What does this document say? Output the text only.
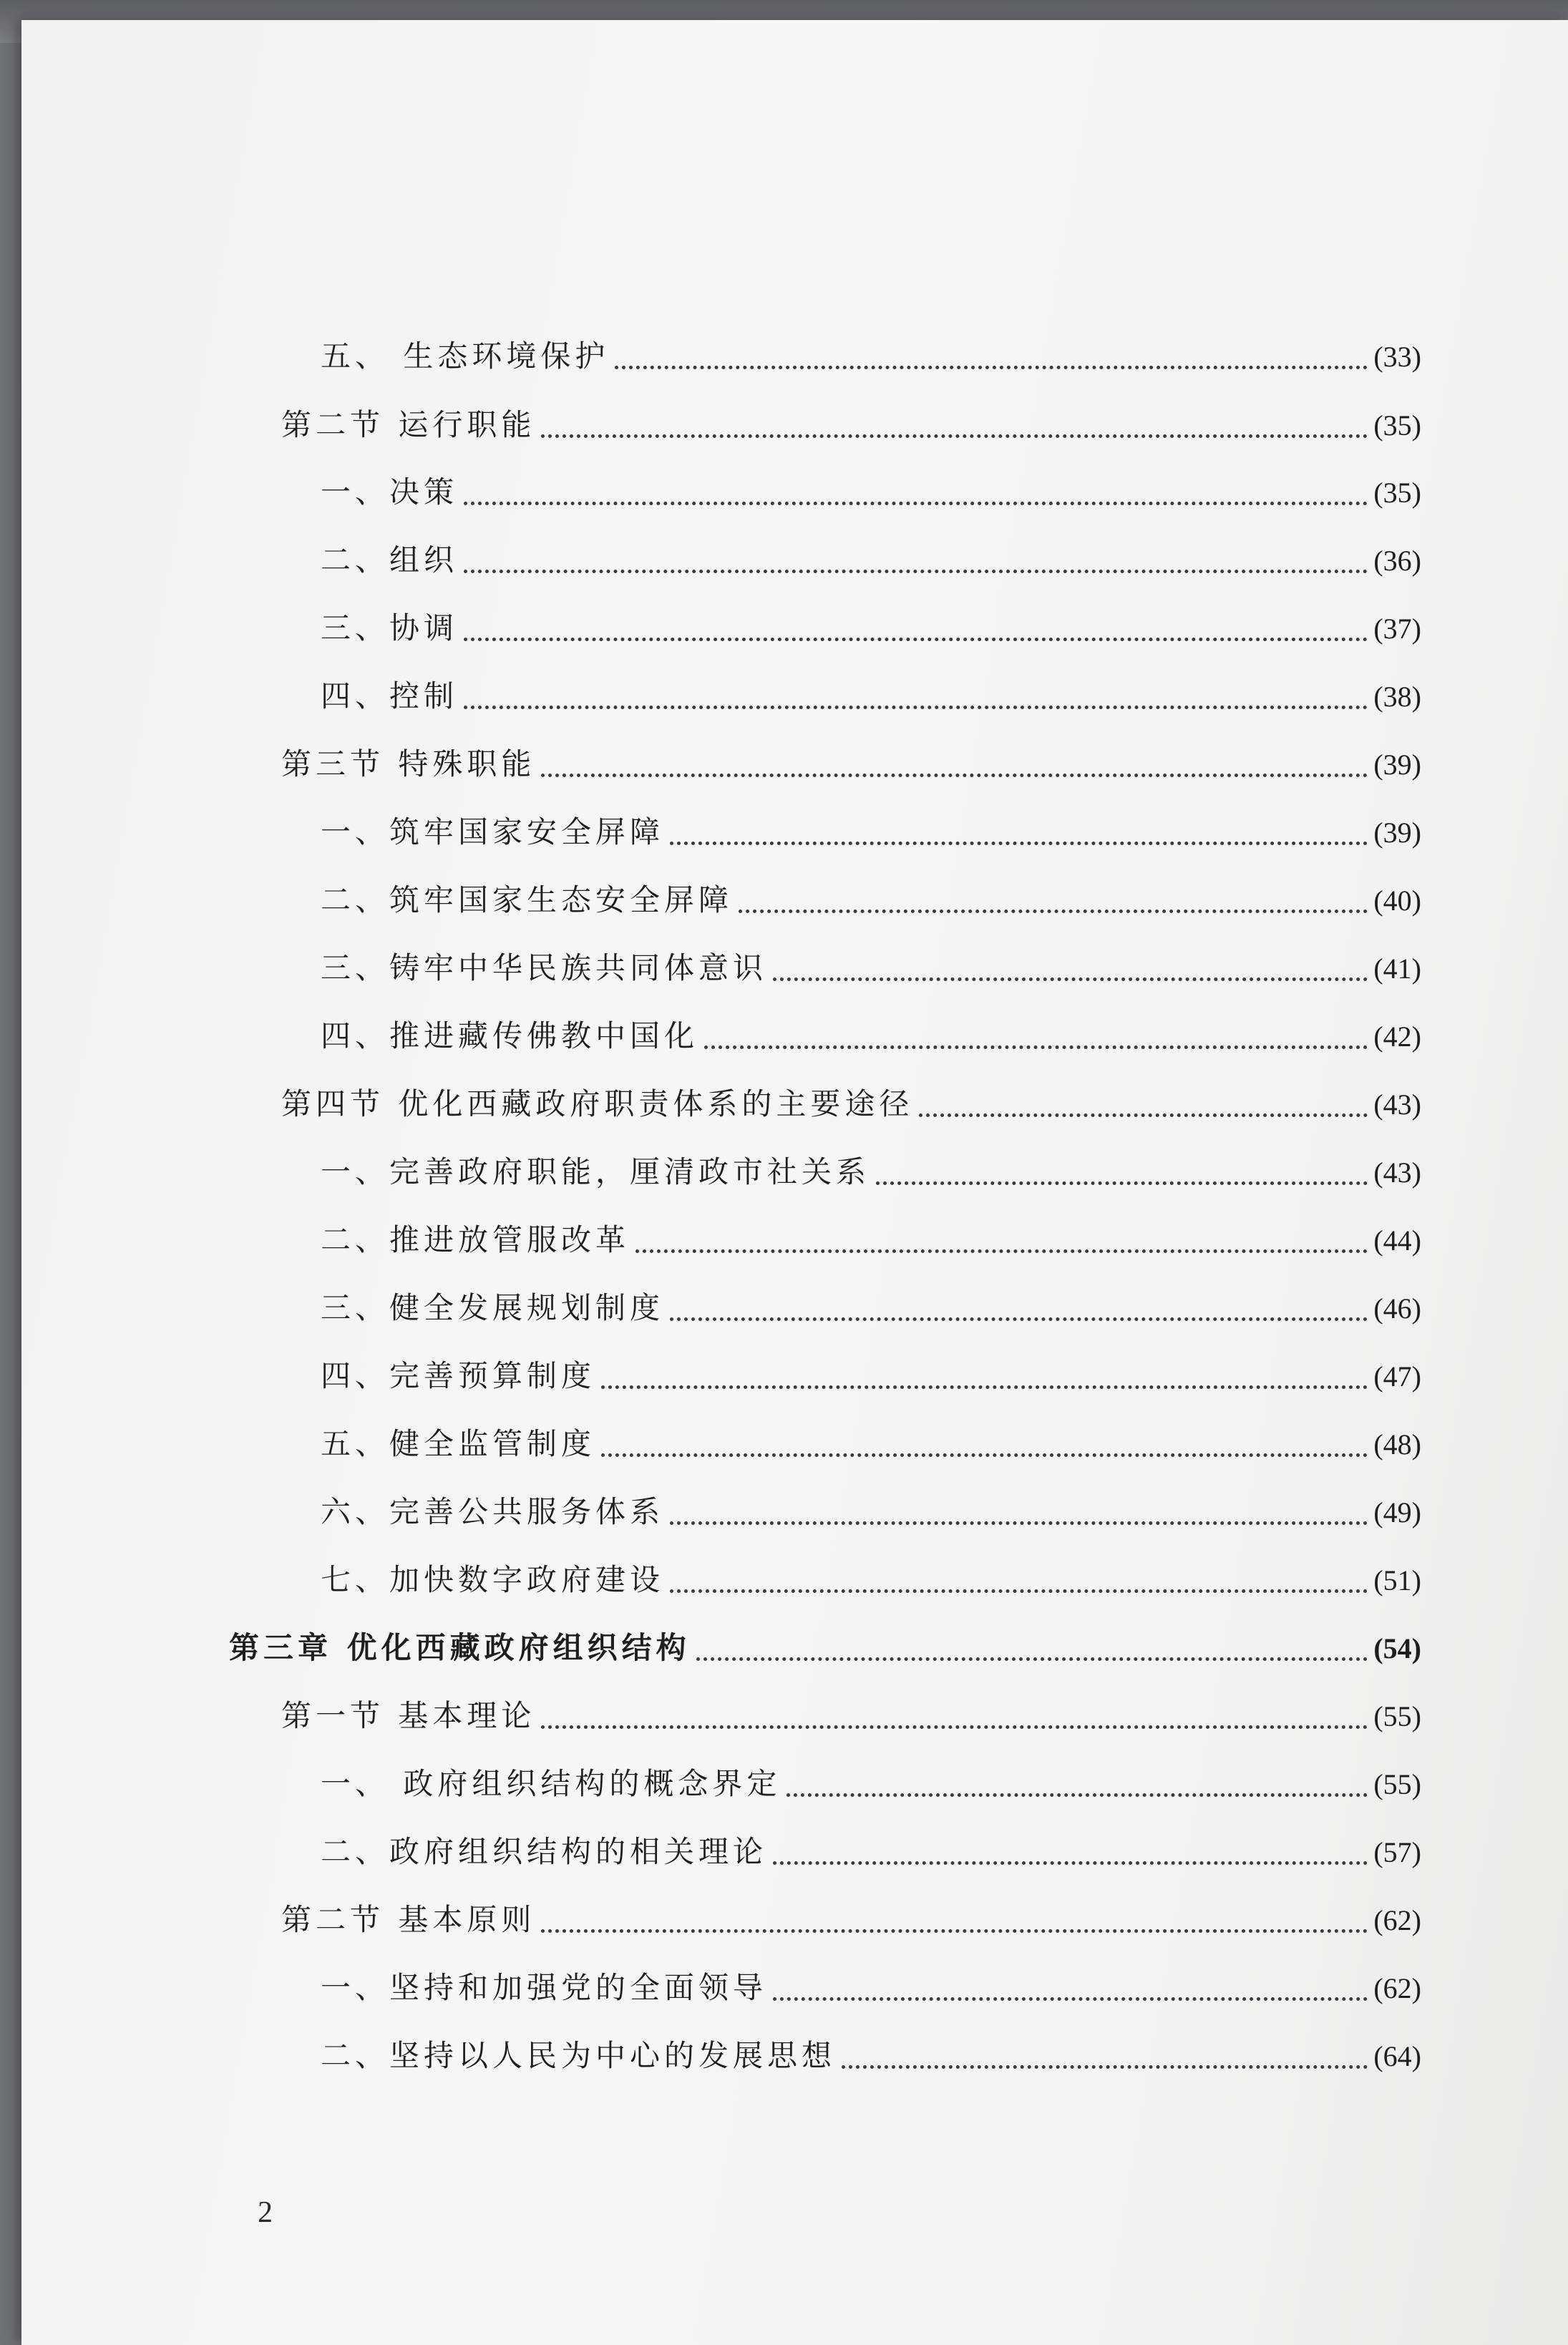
五、 生态环境保护	(33)
第二节 运行职能	(35)
一、决策	(35)
二、组织	(36)
三、协调	(37)
四、控制	(38)
第三节 特殊职能	(39)
一、筑牢国家安全屏障	(39)
二、筑牢国家生态安全屏障	(40)
三、铸牢中华民族共同体意识	(41)
四、推进藏传佛教中国化	(42)
第四节 优化西藏政府职责体系的主要途径	(43)
一、完善政府职能，厘清政市社关系	(43)
二、推进放管服改革	(44)
三、健全发展规划制度	(46)
四、完善预算制度	(47)
五、健全监管制度	(48)
六、完善公共服务体系	(49)
七、加快数字政府建设	(51)
第三章 优化西藏政府组织结构	(54)
第一节 基本理论	(55)
一、 政府组织结构的概念界定	(55)
二、政府组织结构的相关理论	(57)
第二节 基本原则	(62)
一、坚持和加强党的全面领导	(62)
二、坚持以人民为中心的发展思想	(64)
2
